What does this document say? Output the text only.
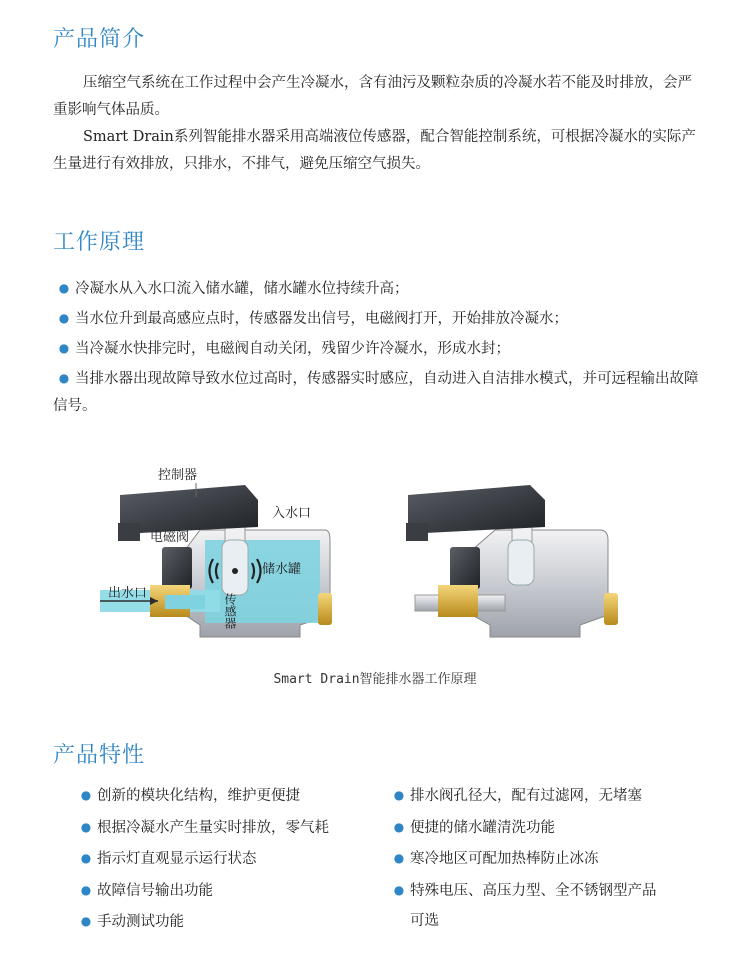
产品简介

压缩空气系统在工作过程中会产生冷凝水，含有油污及颗粒杂质的冷凝水若不能及时排放，会严重影响气体品质。

Smart Drain系列智能排水器采用高端液位传感器，配合智能控制系统，可根据冷凝水的实际产生量进行有效排放，只排水，不排气，避免压缩空气损失。

工作原理
● 冷凝水从入水口流入储水罐，储水罐水位持续升高；
● 当水位升到最高感应点时，传感器发出信号，电磁阀打开，开始排放冷凝水；
● 当冷凝水快排完时，电磁阀自动关闭，残留少许冷凝水，形成水封；
● 当排水器出现故障导致水位过高时，传感器实时感应，自动进入自洁排水模式，并可远程输出故障信号。
控制器
入水口
电磁阀
出水口
储水罐
传感器
Smart Drain智能排水器工作原理
产品特性
● 创新的模块化结构，维护更便捷
● 根据冷凝水产生量实时排放，零气耗
● 指示灯直观显示运行状态
● 故障信号输出功能
● 手动测试功能
● 排水阀孔径大，配有过滤网，无堵塞
● 便捷的储水罐清洗功能
● 寒冷地区可配加热棒防止冰冻
● 特殊电压、高压力型、全不锈钢型产品
可选
